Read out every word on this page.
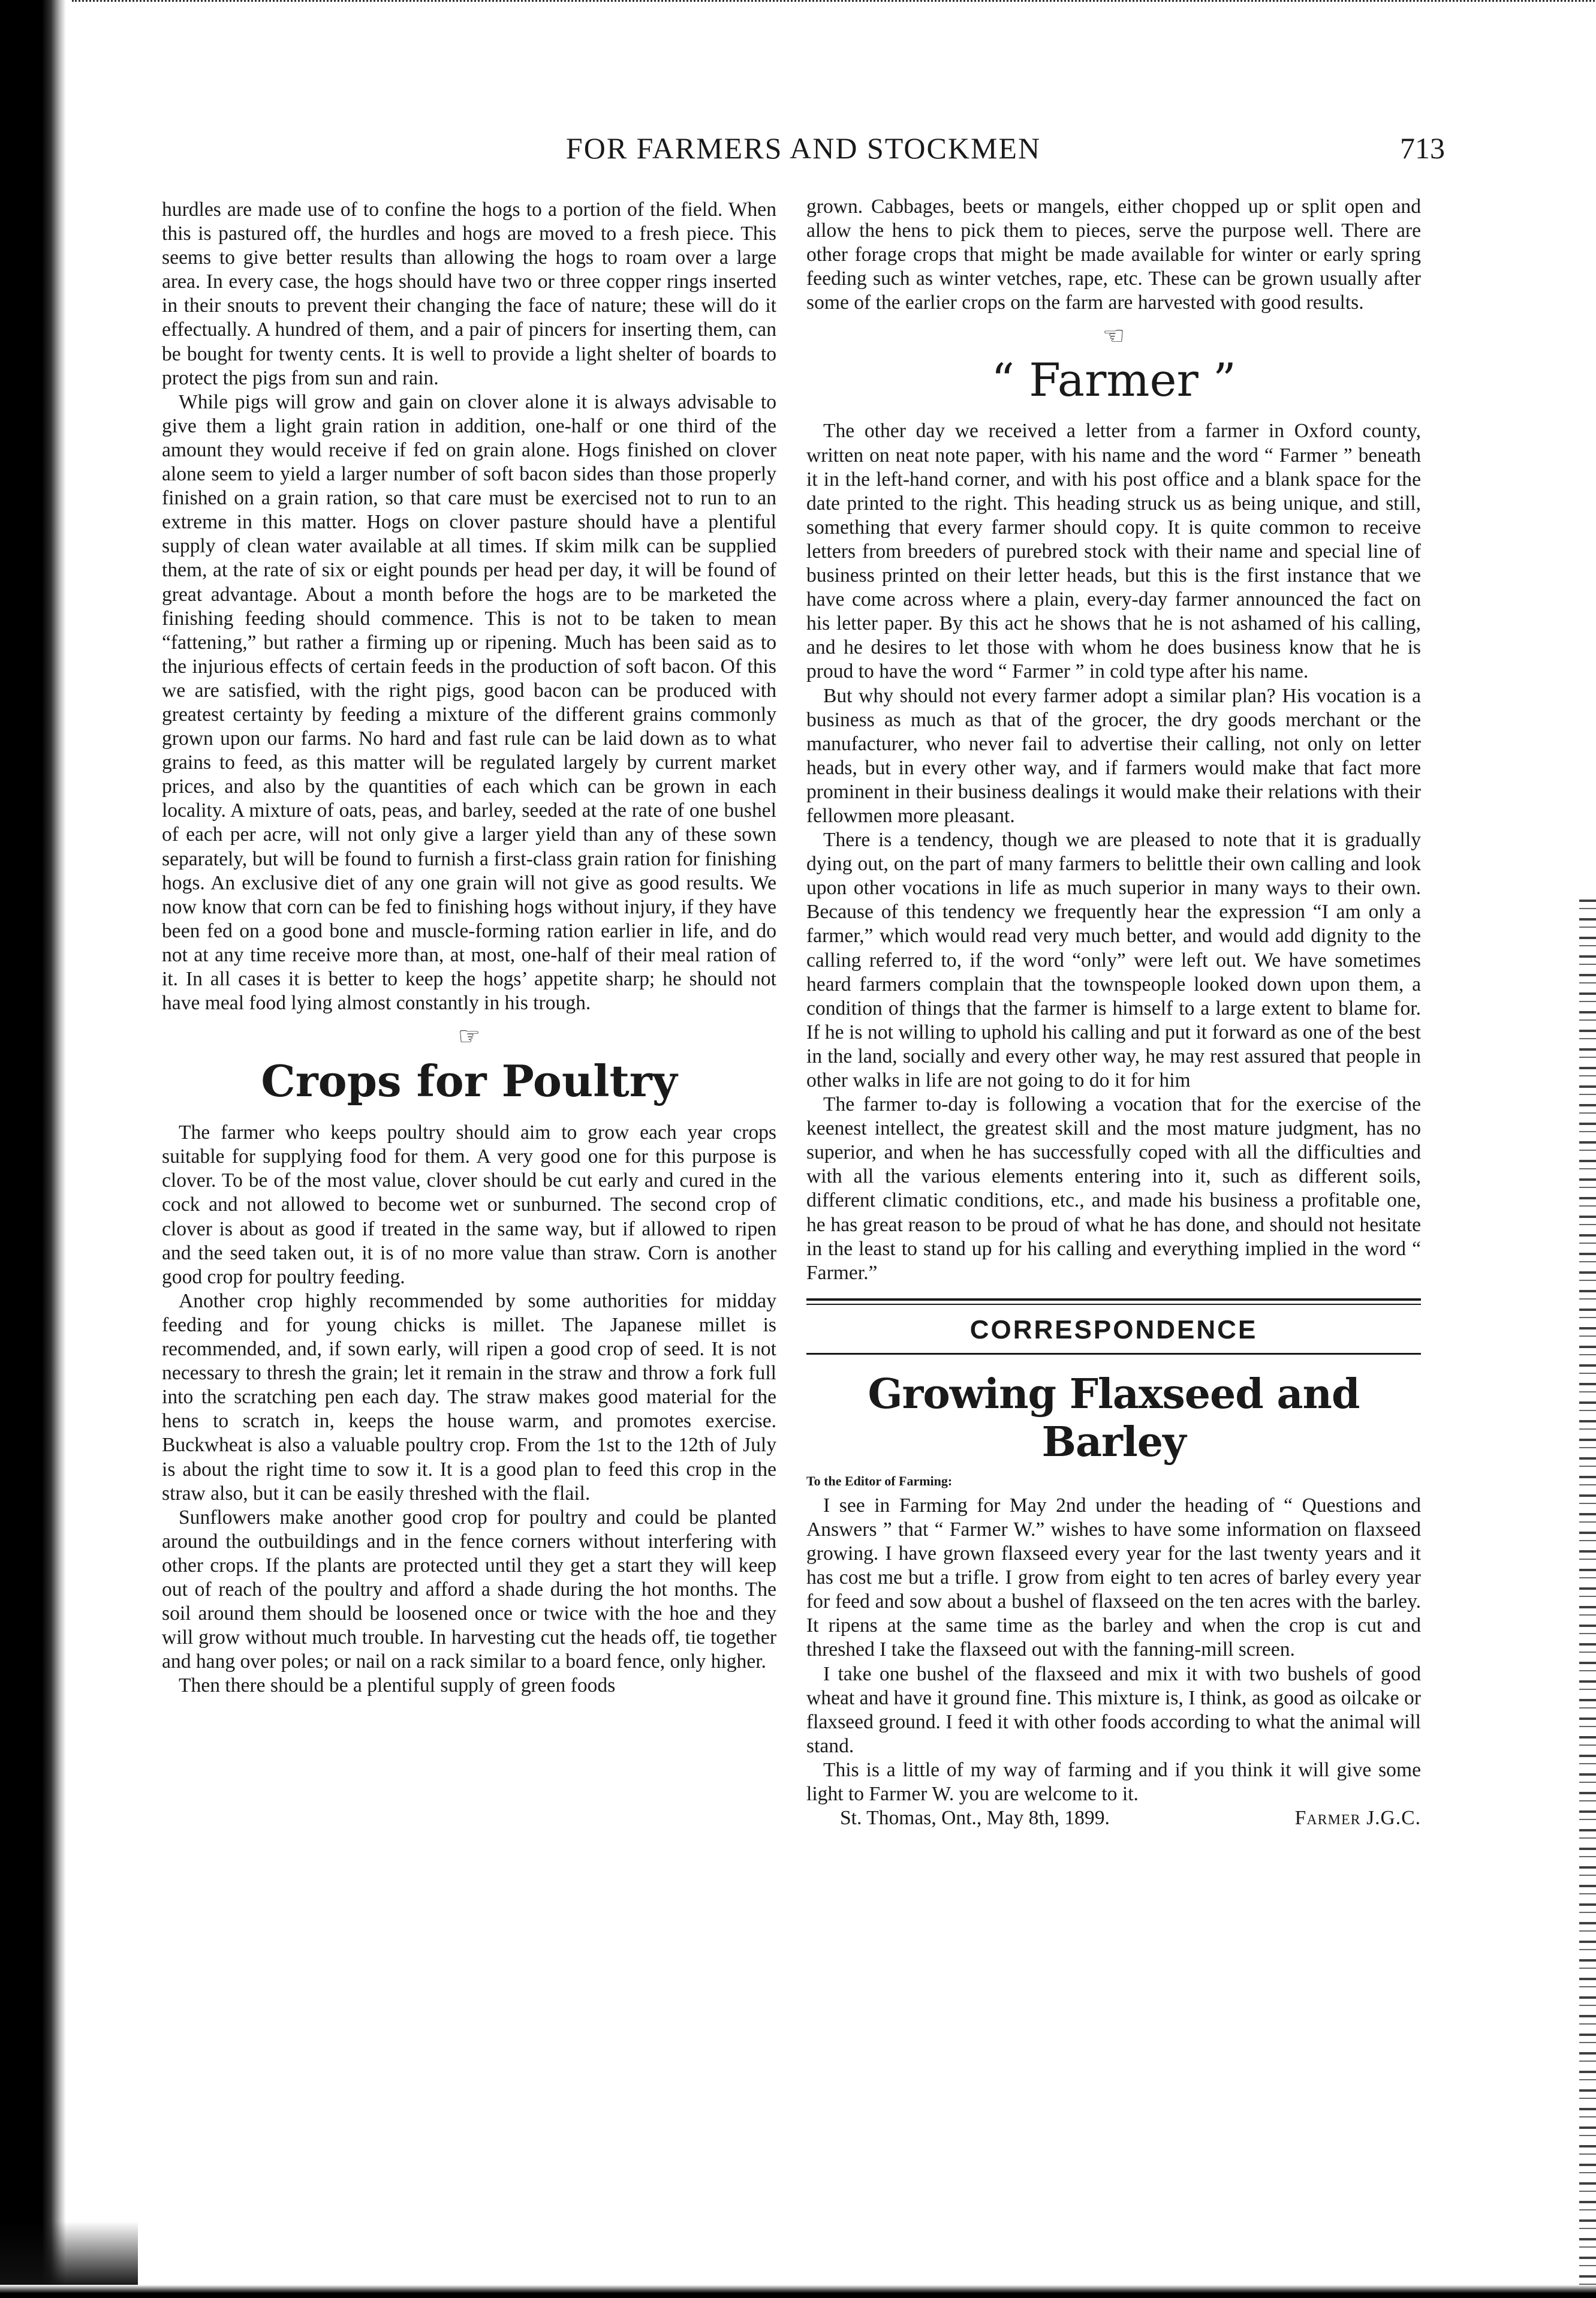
FOR FARMERS AND STOCKMEN	713

hurdles are made use of to confine the hogs to a portion of the field. When this is pastured off, the hurdles and hogs are moved to a fresh piece. This seems to give better results than allowing the hogs to roam over a large area. In every case, the hogs should have two or three copper rings inserted in their snouts to prevent their changing the face of nature; these will do it effectually. A hundred of them, and a pair of pincers for inserting them, can be bought for twenty cents. It is well to provide a light shelter of boards to protect the pigs from sun and rain.

While pigs will grow and gain on clover alone it is always advisable to give them a light grain ration in addition, one-half or one third of the amount they would receive if fed on grain alone. Hogs finished on clover alone seem to yield a larger number of soft bacon sides than those properly finished on a grain ration, so that care must be exercised not to run to an extreme in this matter. Hogs on clover pasture should have a plentiful supply of clean water available at all times. If skim milk can be supplied them, at the rate of six or eight pounds per head per day, it will be found of great advantage. About a month before the hogs are to be marketed the finishing feeding should commence. This is not to be taken to mean “fattening,” but rather a firming up or ripening. Much has been said as to the injurious effects of certain feeds in the production of soft bacon. Of this we are satisfied, with the right pigs, good bacon can be produced with greatest certainty by feeding a mixture of the different grains commonly grown upon our farms. No hard and fast rule can be laid down as to what grains to feed, as this matter will be regulated largely by current market prices, and also by the quantities of each which can be grown in each locality. A mixture of oats, peas, and barley, seeded at the rate of one bushel of each per acre, will not only give a larger yield than any of these sown separately, but will be found to furnish a first-class grain ration for finishing hogs. An exclusive diet of any one grain will not give as good results. We now know that corn can be fed to finishing hogs without injury, if they have been fed on a good bone and muscle-forming ration earlier in life, and do not at any time receive more than, at most, one-half of their meal ration of it. In all cases it is better to keep the hogs’ appetite sharp; he should not have meal food lying almost constantly in his trough.

☞
Crops for Poultry

The farmer who keeps poultry should aim to grow each year crops suitable for supplying food for them. A very good one for this purpose is clover. To be of the most value, clover should be cut early and cured in the cock and not allowed to become wet or sunburned. The second crop of clover is about as good if treated in the same way, but if allowed to ripen and the seed taken out, it is of no more value than straw. Corn is another good crop for poultry feeding.

Another crop highly recommended by some authorities for midday feeding and for young chicks is millet. The Japanese millet is recommended, and, if sown early, will ripen a good crop of seed. It is not necessary to thresh the grain; let it remain in the straw and throw a fork full into the scratching pen each day. The straw makes good material for the hens to scratch in, keeps the house warm, and promotes exercise. Buckwheat is also a valuable poultry crop. From the 1st to the 12th of July is about the right time to sow it. It is a good plan to feed this crop in the straw also, but it can be easily threshed with the flail.

Sunflowers make another good crop for poultry and could be planted around the outbuildings and in the fence corners without interfering with other crops. If the plants are protected until they get a start they will keep out of reach of the poultry and afford a shade during the hot months. The soil around them should be loosened once or twice with the hoe and they will grow without much trouble. In harvesting cut the heads off, tie together and hang over poles; or nail on a rack similar to a board fence, only higher.

Then there should be a plentiful supply of green foods

grown. Cabbages, beets or mangels, either chopped up or split open and allow the hens to pick them to pieces, serve the purpose well. There are other forage crops that might be made available for winter or early spring feeding such as winter vetches, rape, etc. These can be grown usually after some of the earlier crops on the farm are harvested with good results.

☜
“ Farmer ”

The other day we received a letter from a farmer in Oxford county, written on neat note paper, with his name and the word “ Farmer ” beneath it in the left-hand corner, and with his post office and a blank space for the date printed to the right. This heading struck us as being unique, and still, something that every farmer should copy. It is quite common to receive letters from breeders of purebred stock with their name and special line of business printed on their letter heads, but this is the first instance that we have come across where a plain, every-day farmer announced the fact on his letter paper. By this act he shows that he is not ashamed of his calling, and he desires to let those with whom he does business know that he is proud to have the word “ Farmer ” in cold type after his name.

But why should not every farmer adopt a similar plan? His vocation is a business as much as that of the grocer, the dry goods merchant or the manufacturer, who never fail to advertise their calling, not only on letter heads, but in every other way, and if farmers would make that fact more prominent in their business dealings it would make their relations with their fellowmen more pleasant.

There is a tendency, though we are pleased to note that it is gradually dying out, on the part of many farmers to belittle their own calling and look upon other vocations in life as much superior in many ways to their own. Because of this tendency we frequently hear the expression “I am only a farmer,” which would read very much better, and would add dignity to the calling referred to, if the word “only” were left out. We have sometimes heard farmers complain that the townspeople looked down upon them, a condition of things that the farmer is himself to a large extent to blame for. If he is not willing to uphold his calling and put it forward as one of the best in the land, socially and every other way, he may rest assured that people in other walks in life are not going to do it for him

The farmer to-day is following a vocation that for the exercise of the keenest intellect, the greatest skill and the most mature judgment, has no superior, and when he has successfully coped with all the difficulties and with all the various elements entering into it, such as different soils, different climatic conditions, etc., and made his business a profitable one, he has great reason to be proud of what he has done, and should not hesitate in the least to stand up for his calling and everything implied in the word “ Farmer.”

CORRESPONDENCE
Growing Flaxseed and Barley
To the Editor of Farming:

I see in Farming for May 2nd under the heading of “ Questions and Answers ” that “ Farmer W.” wishes to have some information on flaxseed growing. I have grown flaxseed every year for the last twenty years and it has cost me but a trifle. I grow from eight to ten acres of barley every year for feed and sow about a bushel of flaxseed on the ten acres with the barley. It ripens at the same time as the barley and when the crop is cut and threshed I take the flaxseed out with the fanning-mill screen.

I take one bushel of the flaxseed and mix it with two bushels of good wheat and have it ground fine. This mixture is, I think, as good as oilcake or flaxseed ground. I feed it with other foods according to what the animal will stand.

This is a little of my way of farming and if you think it will give some light to Farmer W. you are welcome to it.

St. Thomas, Ont., May 8th, 1899.	Farmer J.G.C.
